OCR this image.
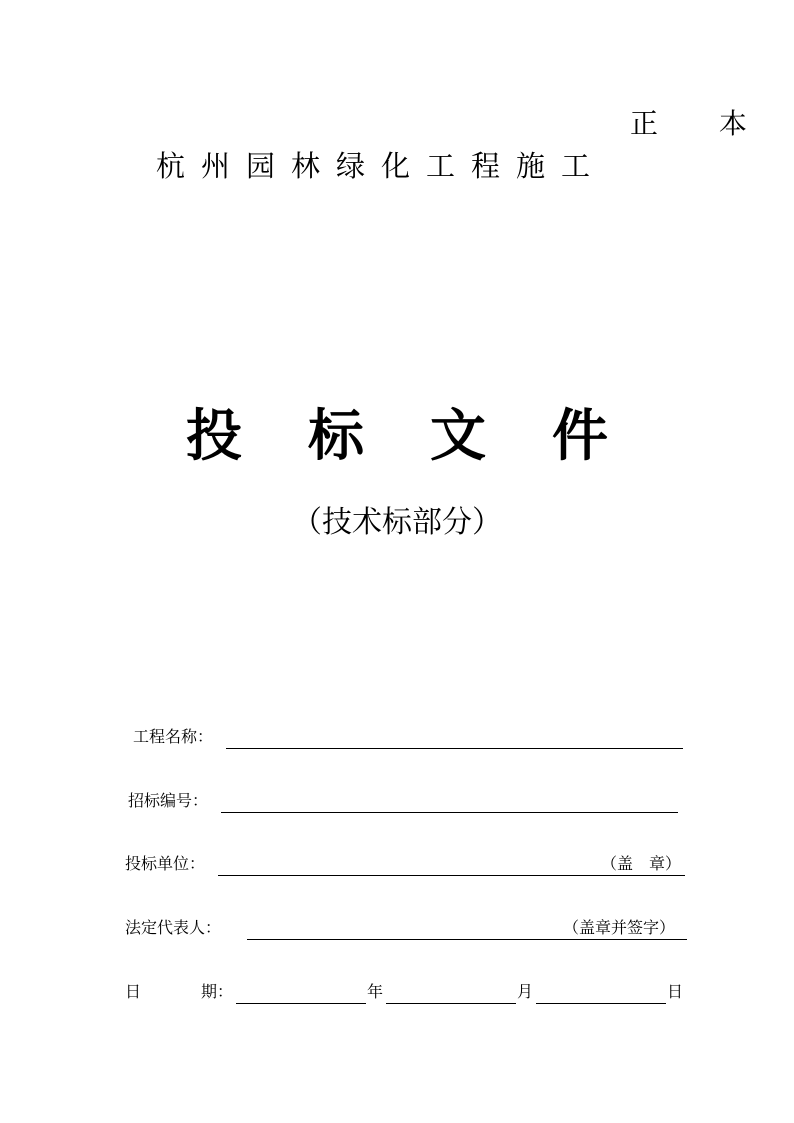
正 本
杭州园林绿化工程施工
投标文件
（技术标部分）
工程名称：
招标编号：
投标单位：	（盖　章）
法定代表人：	（盖章并签字）
日	期：	年	月	日
